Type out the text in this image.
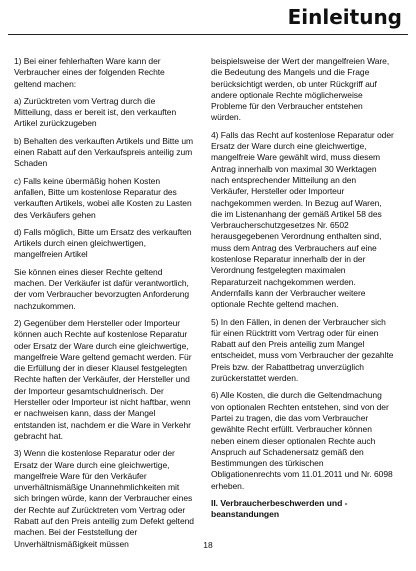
Einleitung

1) Bei einer fehlerhaften Ware kann der Verbraucher eines der folgenden Rechte geltend machen:

a) Zurücktreten vom Vertrag durch die Mitteilung, dass er bereit ist, den verkauften Artikel zurückzugeben

b) Behalten des verkauften Artikels und Bitte um einen Rabatt auf den Verkaufspreis anteilig zum Schaden

c) Falls keine übermäßig hohen Kosten anfallen, Bitte um kostenlose Reparatur des verkauften Artikels, wobei alle Kosten zu Lasten des Verkäufers gehen

d) Falls möglich, Bitte um Ersatz des verkauften Artikels durch einen gleichwertigen, mangelfreien Artikel

Sie können eines dieser Rechte geltend machen. Der Verkäufer ist dafür verantwortlich, der vom Verbraucher bevorzugten Anforderung nachzukommen.

2) Gegenüber dem Hersteller oder Importeur können auch Rechte auf kostenlose Reparatur oder Ersatz der Ware durch eine gleichwertige, mangelfreie Ware geltend gemacht werden. Für die Erfüllung der in dieser Klausel festgelegten Rechte haften der Verkäufer, der Hersteller und der Importeur gesamtschuldnerisch. Der Hersteller oder Importeur ist nicht haftbar, wenn er nachweisen kann, dass der Mangel entstanden ist, nachdem er die Ware in Verkehr gebracht hat.

3) Wenn die kostenlose Reparatur oder der Ersatz der Ware durch eine gleichwertige, mangelfreie Ware für den Verkäufer unverhältnismäßige Unannehmlichkeiten mit sich bringen würde, kann der Verbraucher eines der Rechte auf Zurücktreten vom Vertrag oder Rabatt auf den Preis anteilig zum Defekt geltend machen. Bei der Feststellung der Unverhältnismäßigkeit müssen

beispielsweise der Wert der mangelfreien Ware, die Bedeutung des Mangels und die Frage berücksichtigt werden, ob unter Rückgriff auf andere optionale Rechte möglicherweise Probleme für den Verbraucher entstehen würden.

4) Falls das Recht auf kostenlose Reparatur oder Ersatz der Ware durch eine gleichwertige, mangelfreie Ware gewählt wird, muss diesem Antrag innerhalb von maximal 30 Werktagen nach entsprechender Mitteilung an den Verkäufer, Hersteller oder Importeur nachgekommen werden. In Bezug auf Waren, die im Listenanhang der gemäß Artikel 58 des Verbraucherschutzgesetzes Nr. 6502 herausgegebenen Verordnung enthalten sind, muss dem Antrag des Verbrauchers auf eine kostenlose Reparatur innerhalb der in der Verordnung festgelegten maximalen Reparaturzeit nachgekommen werden. Andernfalls kann der Verbraucher weitere optionale Rechte geltend machen.

5) In den Fällen, in denen der Verbraucher sich für einen Rücktritt vom Vertrag oder für einen Rabatt auf den Preis anteilig zum Mangel entscheidet, muss vom Verbraucher der gezahlte Preis bzw. der Rabattbetrag unverzüglich zurückerstattet werden.

6) Alle Kosten, die durch die Geltendmachung von optionalen Rechten entstehen, sind von der Partei zu tragen, die das vom Verbraucher gewählte Recht erfüllt. Verbraucher können neben einem dieser optionalen Rechte auch Anspruch auf Schadenersatz gemäß den Bestimmungen des türkischen Obligationenrechts vom 11.01.2011 und Nr. 6098 erheben.

II. Verbraucherbeschwerden und -beanstandungen

18
